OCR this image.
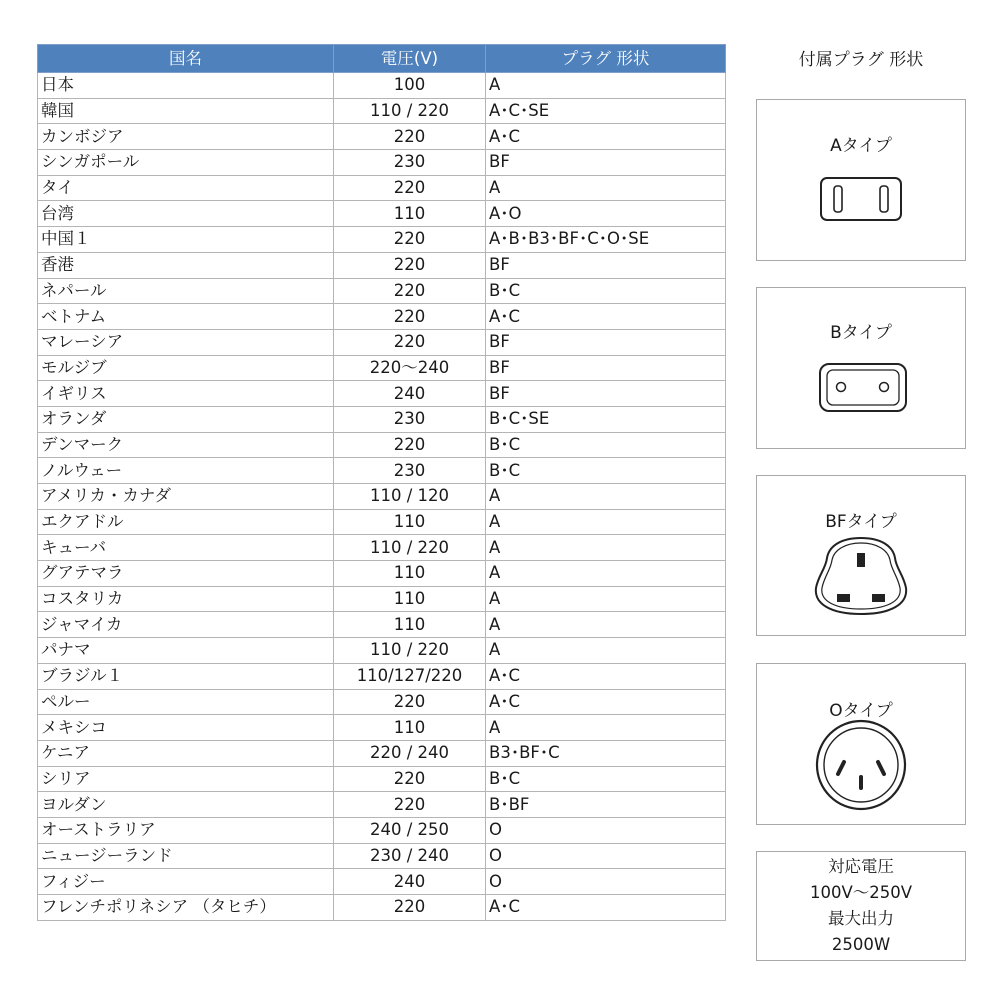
国名	電圧(V)	プラグ 形状
日本	100	A
韓国	110 / 220	A･C･SE
カンボジア	220	A･C
シンガポール	230	BF
タイ	220	A
台湾	110	A･O
中国１	220	A･B･B3･BF･C･O･SE
香港	220	BF
ネパール	220	B･C
ベトナム	220	A･C
マレーシア	220	BF
モルジブ	220〜240	BF
イギリス	240	BF
オランダ	230	B･C･SE
デンマーク	220	B･C
ノルウェー	230	B･C
アメリカ・カナダ	110 / 120	A
エクアドル	110	A
キューバ	110 / 220	A
グアテマラ	110	A
コスタリカ	110	A
ジャマイカ	110	A
パナマ	110 / 220	A
ブラジル１	110/127/220	A･C
ペルー	220	A･C
メキシコ	110	A
ケニア	220 / 240	B3･BF･C
シリア	220	B･C
ヨルダン	220	B･BF
オーストラリア	240 / 250	O
ニュージーランド	230 / 240	O
フィジー	240	O
フレンチポリネシア （タヒチ）	220	A･C
付属プラグ 形状
Aタイプ
Bタイプ
BFタイプ
Oタイプ
対応電圧
100V〜250V
最大出力
2500W
